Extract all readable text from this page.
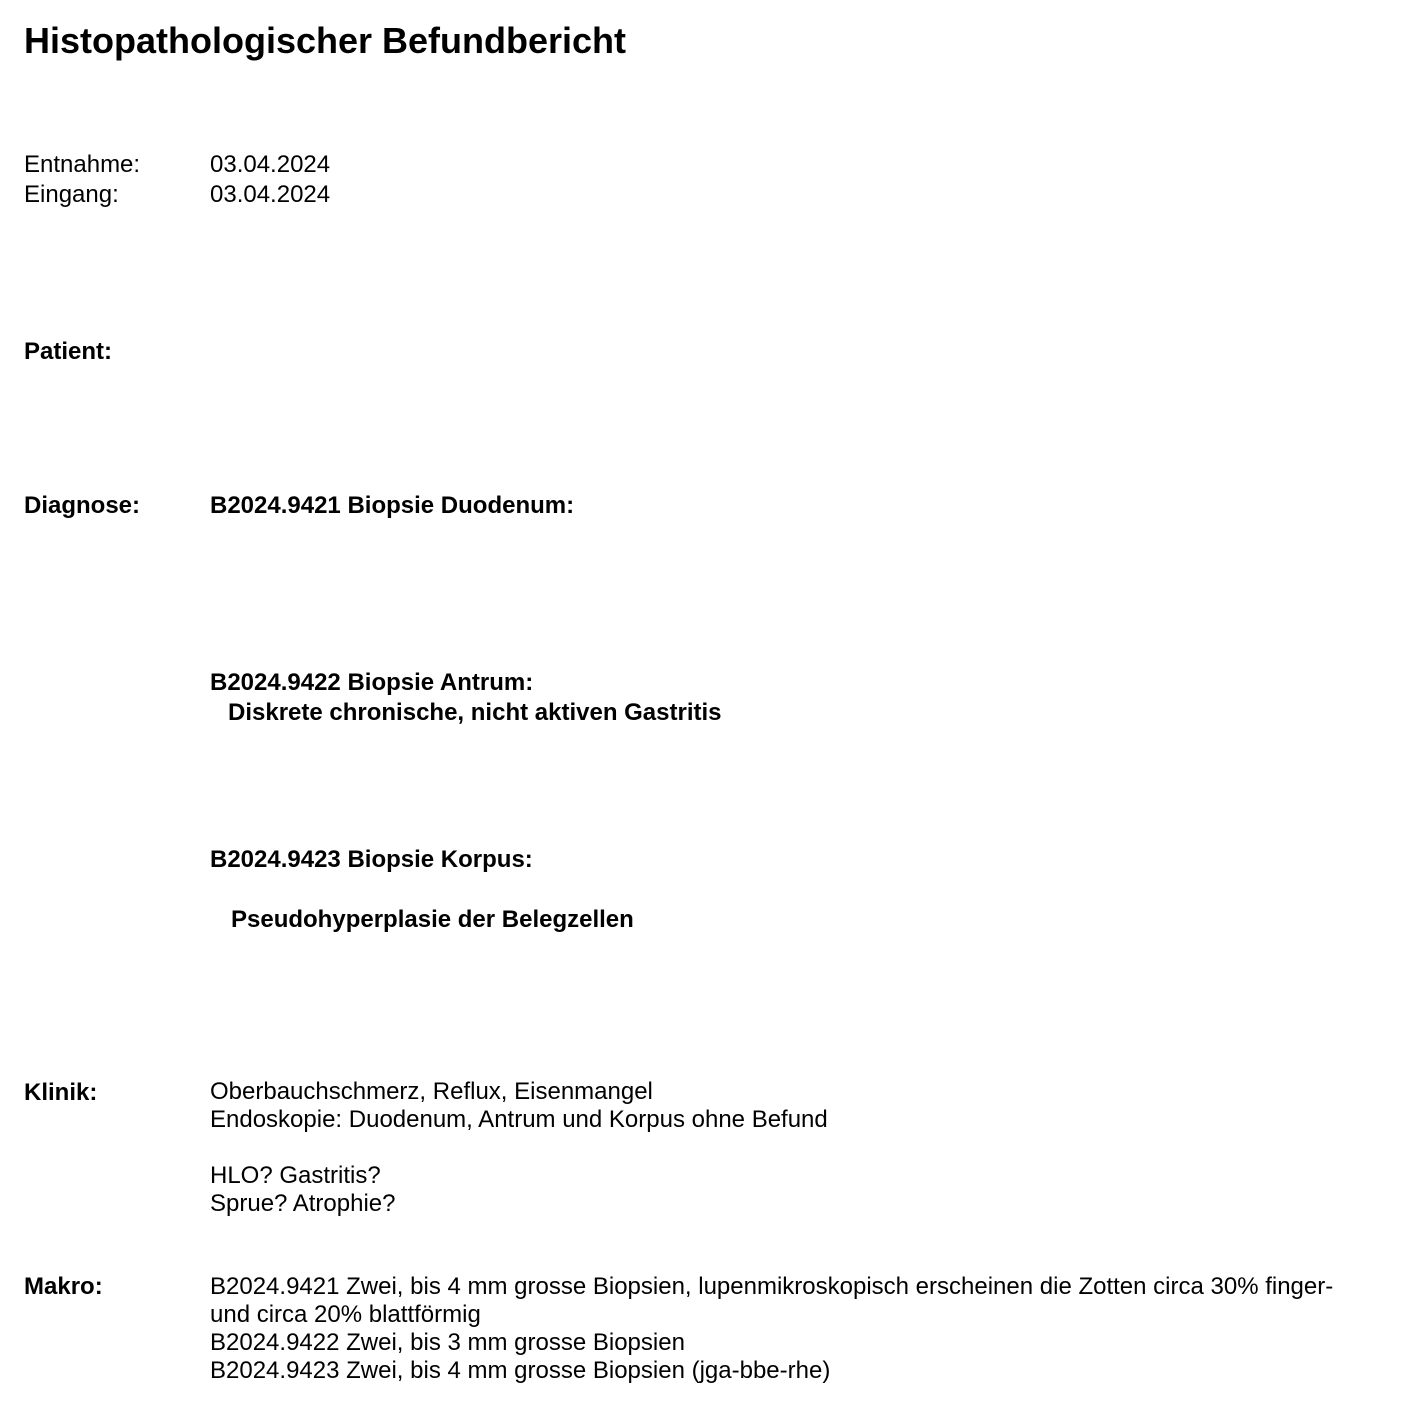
Histopathologischer Befundbericht
Entnahme:	03.04.2024
Eingang:	03.04.2024
Patient:
Diagnose:	B2024.9421 Biopsie Duodenum:
B2024.9422 Biopsie Antrum:
Diskrete chronische, nicht aktiven Gastritis
B2024.9423 Biopsie Korpus:
Pseudohyperplasie der Belegzellen
Klinik:	Oberbauchschmerz, Reflux, Eisenmangel
Endoskopie: Duodenum, Antrum und Korpus ohne Befund
HLO? Gastritis?
Sprue? Atrophie?
Makro:	B2024.9421 Zwei, bis 4 mm grosse Biopsien, lupenmikroskopisch erscheinen die Zotten circa 30% finger-
und circa 20% blattförmig
B2024.9422 Zwei, bis 3 mm grosse Biopsien
B2024.9423 Zwei, bis 4 mm grosse Biopsien (jga-bbe-rhe)
